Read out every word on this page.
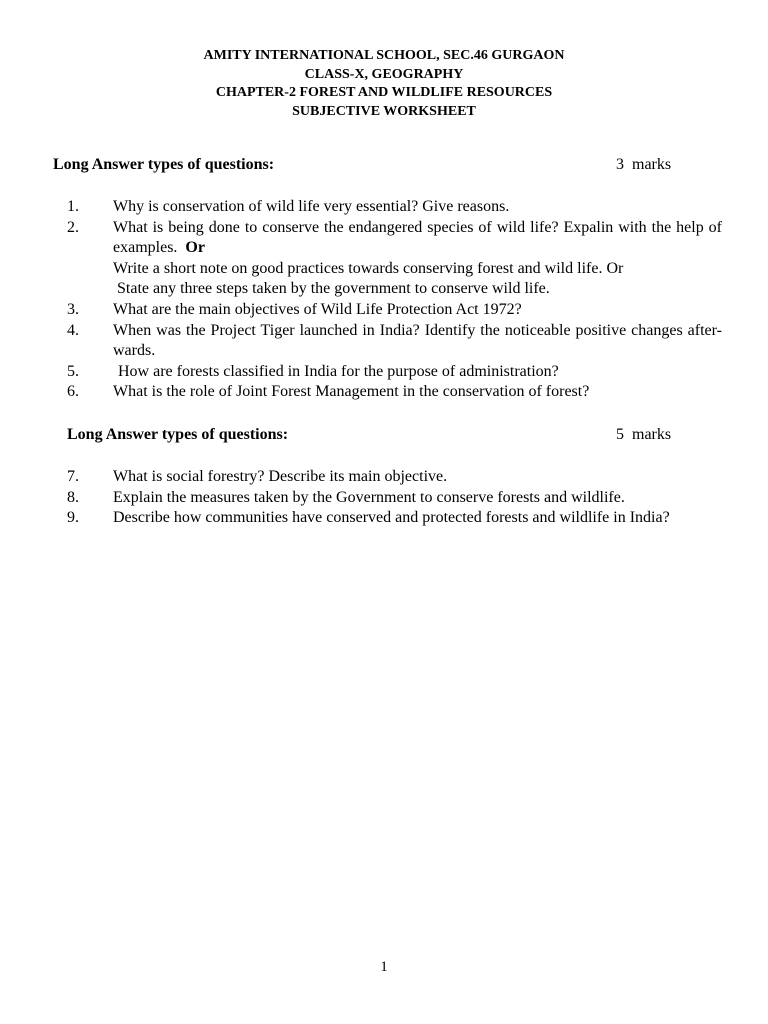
AMITY INTERNATIONAL SCHOOL, SEC.46 GURGAON
CLASS-X, GEOGRAPHY
CHAPTER-2 FOREST AND WILDLIFE RESOURCES
SUBJECTIVE WORKSHEET
Long Answer types of questions:	3  marks
1.	Why is conservation of wild life very essential? Give reasons.
2.	What is being done to conserve the endangered species of wild life? Expalin with the help of examples. Or

Write a short note on good practices towards conserving forest and wild life. Or

State any three steps taken by the government to conserve wild life.

3.	What are the main objectives of Wild Life Protection Act 1972?
4.	When was the Project Tiger launched in India? Identify the noticeable positive changes after- wards.
5.	How are forests classified in India for the purpose of administration?
6.	What is the role of Joint Forest Management in the conservation of forest?
Long Answer types of questions:	5  marks
7.	What is social forestry? Describe its main objective.
8.	Explain the measures taken by the Government to conserve forests and wildlife.
9.	Describe how communities have conserved and protected forests and wildlife in India?
1
